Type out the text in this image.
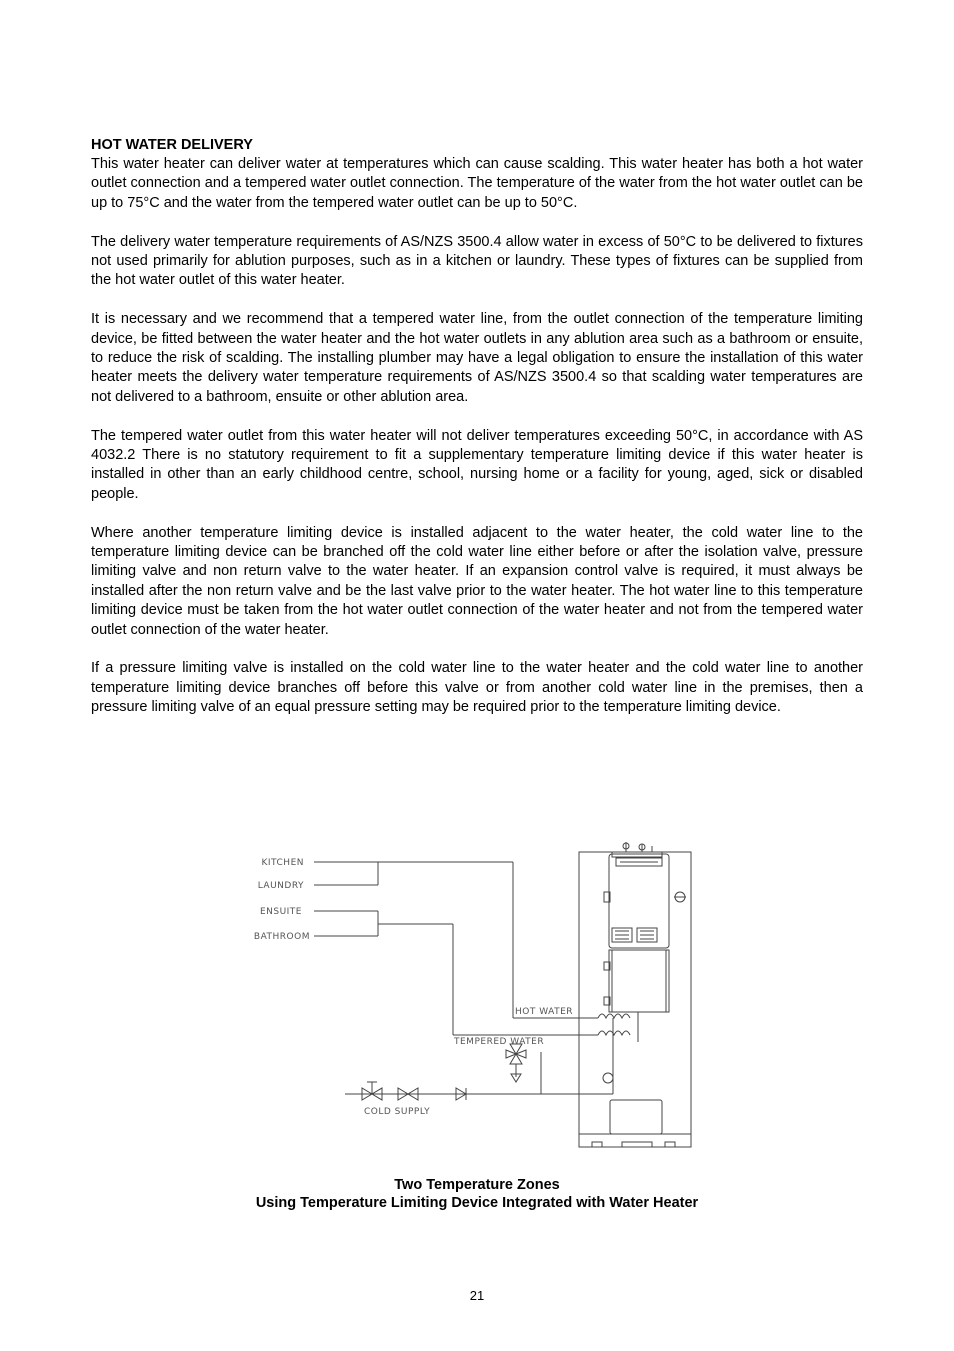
HOT WATER DELIVERY

This water heater can deliver water at temperatures which can cause scalding. This water heater has both a hot water outlet connection and a tempered water outlet connection. The temperature of the water from the hot water outlet can be up to 75°C and the water from the tempered water outlet can be up to 50°C.

The delivery water temperature requirements of AS/NZS 3500.4 allow water in excess of 50°C to be delivered to fixtures not used primarily for ablution purposes, such as in a kitchen or laundry. These types of fixtures can be supplied from the hot water outlet of this water heater.

It is necessary and we recommend that a tempered water line, from the outlet connection of the temperature limiting device, be fitted between the water heater and the hot water outlets in any ablution area such as a bathroom or ensuite, to reduce the risk of scalding. The installing plumber may have a legal obligation to ensure the installation of this water heater meets the delivery water temperature requirements of AS/NZS 3500.4 so that scalding water temperatures are not delivered to a bathroom, ensuite or other ablution area.

The tempered water outlet from this water heater will not deliver temperatures exceeding 50°C, in accordance with AS 4032.2 There is no statutory requirement to fit a supplementary temperature limiting device if this water heater is installed in other than an early childhood centre, school, nursing home or a facility for young, aged, sick or disabled people.

Where another temperature limiting device is installed adjacent to the water heater, the cold water line to the temperature limiting device can be branched off the cold water line either before or after the isolation valve, pressure limiting valve and non return valve to the water heater. If an expansion control valve is required, it must always be installed after the non return valve and be the last valve prior to the water heater. The hot water line to this temperature limiting device must be taken from the hot water outlet connection of the water heater and not from the tempered water outlet connection of the water heater.

If a pressure limiting valve is installed on the cold water line to the water heater and the cold water line to another temperature limiting device branches off before this valve or from another cold water line in the premises, then a pressure limiting valve of an equal pressure setting may be required prior to the temperature limiting device.

KITCHEN
LAUNDRY
ENSUITE
BATHROOM
HOT WATER
TEMPERED WATER
COLD SUPPLY
Two Temperature Zones
Using Temperature Limiting Device Integrated with Water Heater
21
